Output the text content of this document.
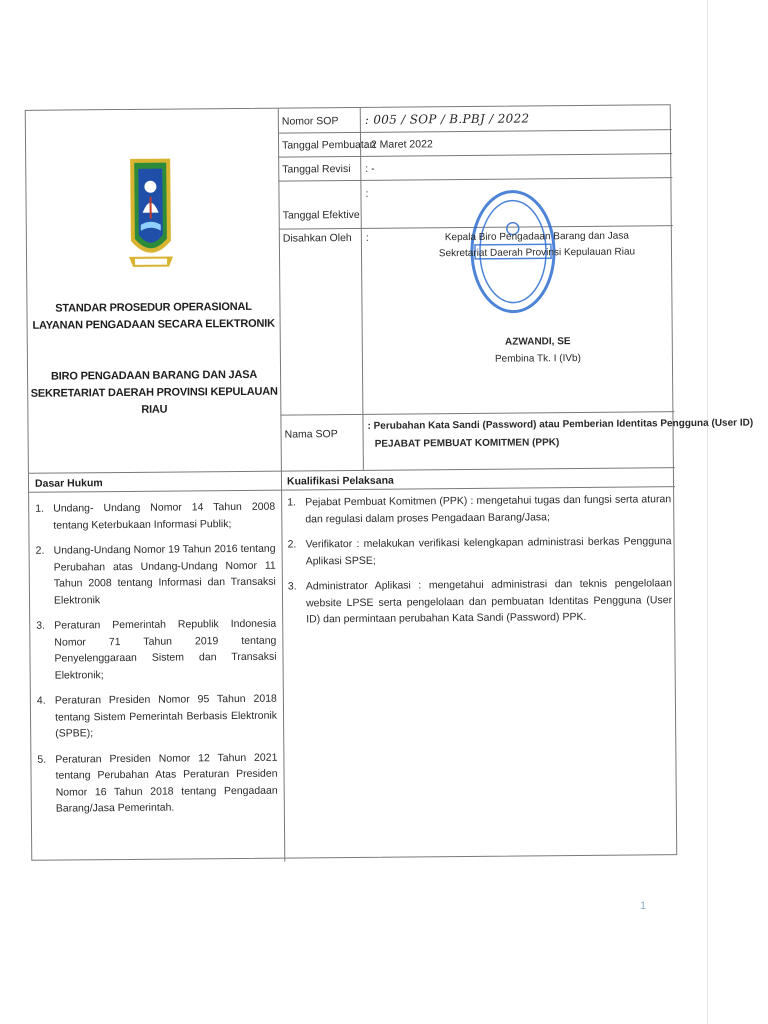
STANDAR PROSEDUR OPERASIONAL
LAYANAN PENGADAAN SECARA ELEKTRONIK
BIRO PENGADAAN BARANG DAN JASA
SEKRETARIAT DAERAH PROVINSI KEPULAUAN RIAU
Nomor SOP : 005 / SOP / B.PBJ / 2022
Tanggal Pembuatan
: 2 Maret 2022
Tanggal Revisi : -
Tanggal Efektive
:
Disahkan Oleh :	Kepala Biro Pengadaan Barang dan Jasa
Sekretariat Daerah Provinsi Kepulauan Riau
AZWANDI, SE
Pembina Tk. I (IVb)
Nama SOP
: Perubahan Kata Sandi (Password) atau Pemberian Identitas Pengguna (User ID)
PEJABAT PEMBUAT KOMITMEN (PPK)
Dasar Hukum	Kualifikasi Pelaksana
1. Undang- Undang Nomor 14 Tahun 2008 tentang Keterbukaan Informasi Publik;
2. Undang-Undang Nomor 19 Tahun 2016 tentang Perubahan atas Undang-Undang Nomor 11 Tahun 2008 tentang Informasi dan Transaksi Elektronik
3. Peraturan Pemerintah Republik Indonesia Nomor 71 Tahun 2019 tentang Penyelenggaraan Sistem dan Transaksi Elektronik;
4. Peraturan Presiden Nomor 95 Tahun 2018 tentang Sistem Pemerintah Berbasis Elektronik (SPBE);
5. Peraturan Presiden Nomor 12 Tahun 2021 tentang Perubahan Atas Peraturan Presiden Nomor 16 Tahun 2018 tentang Pengadaan Barang/Jasa Pemerintah.
1. Pejabat Pembuat Komitmen (PPK) : mengetahui tugas dan fungsi serta aturan dan regulasi dalam proses Pengadaan Barang/Jasa;
2. Verifikator : melakukan verifikasi kelengkapan administrasi berkas Pengguna Aplikasi SPSE;
3. Administrator Aplikasi : mengetahui administrasi dan teknis pengelolaan website LPSE serta pengelolaan dan pembuatan Identitas Pengguna (User ID) dan permintaan perubahan Kata Sandi (Password) PPK.
1
